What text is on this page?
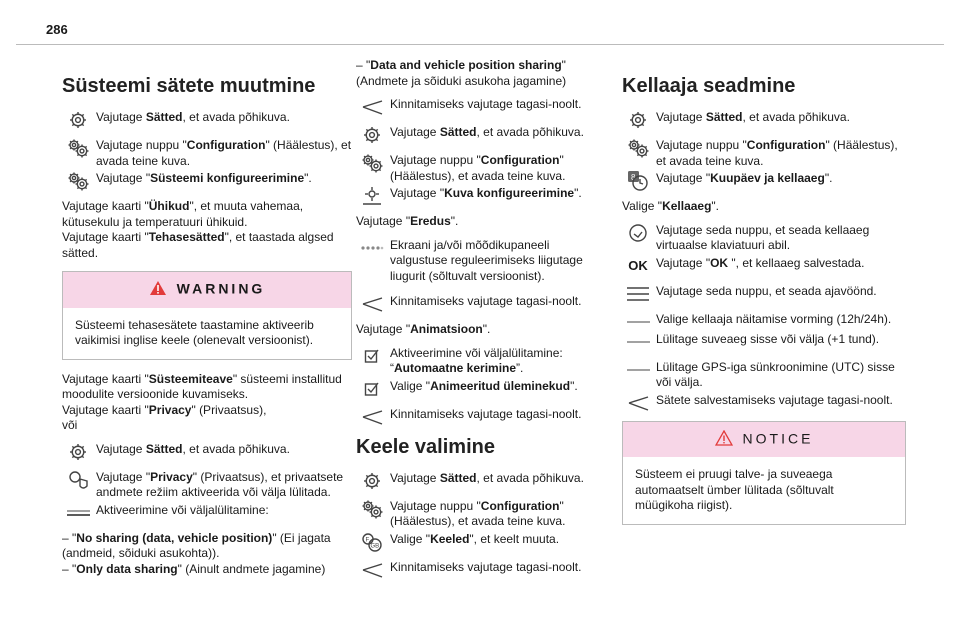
286
Süsteemi sätete muutmine
Vajutage Sätted, et avada põhikuva.
Vajutage nuppu "Configuration" (Häälestus), et avada teine kuva.
Vajutage "Süsteemi konfigureerimine".

Vajutage kaarti "Ühikud", et muuta vahemaa, kütusekulu ja temperatuuri ühikuid.
Vajutage kaarti "Tehasesätted", et taastada algsed sätted.

WARNING
Süsteemi tehasesätete taastamine aktiveerib vaikimisi inglise keele (olenevalt versioonist).

Vajutage kaarti "Süsteemiteave" süsteemi installitud moodulite versioonide kuvamiseks.
Vajutage kaarti "Privacy" (Privaatsus),
või

Vajutage Sätted, et avada põhikuva.
Vajutage "Privacy" (Privaatsus), et privaatsete andmete režiim aktiveerida või välja lülitada.
Aktiveerimine või väljalülitamine:

– "No sharing (data, vehicle position)" (Ei jagata (andmeid, sõiduki asukohta)).
– "Only data sharing" (Ainult andmete jagamine)

– "Data and vehicle position sharing" (Andmete ja sõiduki asukoha jagamine)

Kinnitamiseks vajutage tagasi-noolt.
Vajutage Sätted, et avada põhikuva.
Vajutage nuppu "Configuration" (Häälestus), et avada teine kuva.
Vajutage "Kuva konfigureerimine".

Vajutage "Eredus".

Ekraani ja/või mõõdikupaneeli valgustuse reguleerimiseks liigutage liugurit (sõltuvalt versioonist).
Kinnitamiseks vajutage tagasi-noolt.

Vajutage "Animatsioon".

Aktiveerimine või väljalülitamine: “Automaatne kerimine”.
Valige "Animeeritud üleminekud".
Kinnitamiseks vajutage tagasi-noolt.
Keele valimine
Vajutage Sätted, et avada põhikuva.
Vajutage nuppu "Configuration" (Häälestus), et avada teine kuva.
F
GB
Valige "Keeled", et keelt muuta.
Kinnitamiseks vajutage tagasi-noolt.
Kellaaja seadmine
Vajutage Sätted, et avada põhikuva.
Vajutage nuppu "Configuration" (Häälestus), et avada teine kuva.
8 Vajutage "Kuupäev ja kellaaeg".

Valige "Kellaaeg".

Vajutage seda nuppu, et seada kellaaeg virtuaalse klaviatuuri abil.
OK Vajutage "OK ", et kellaaeg salvestada.
Vajutage seda nuppu, et seada ajavöönd.
Valige kellaaja näitamise vorming (12h/24h).
Lülitage suveaeg sisse või välja (+1 tund).
Lülitage GPS-iga sünkroonimine (UTC) sisse või välja.
Sätete salvestamiseks vajutage tagasi-noolt.
NOTICE
Süsteem ei pruugi talve- ja suveaega automaatselt ümber lülitada (sõltuvalt müügikoha riigist).
